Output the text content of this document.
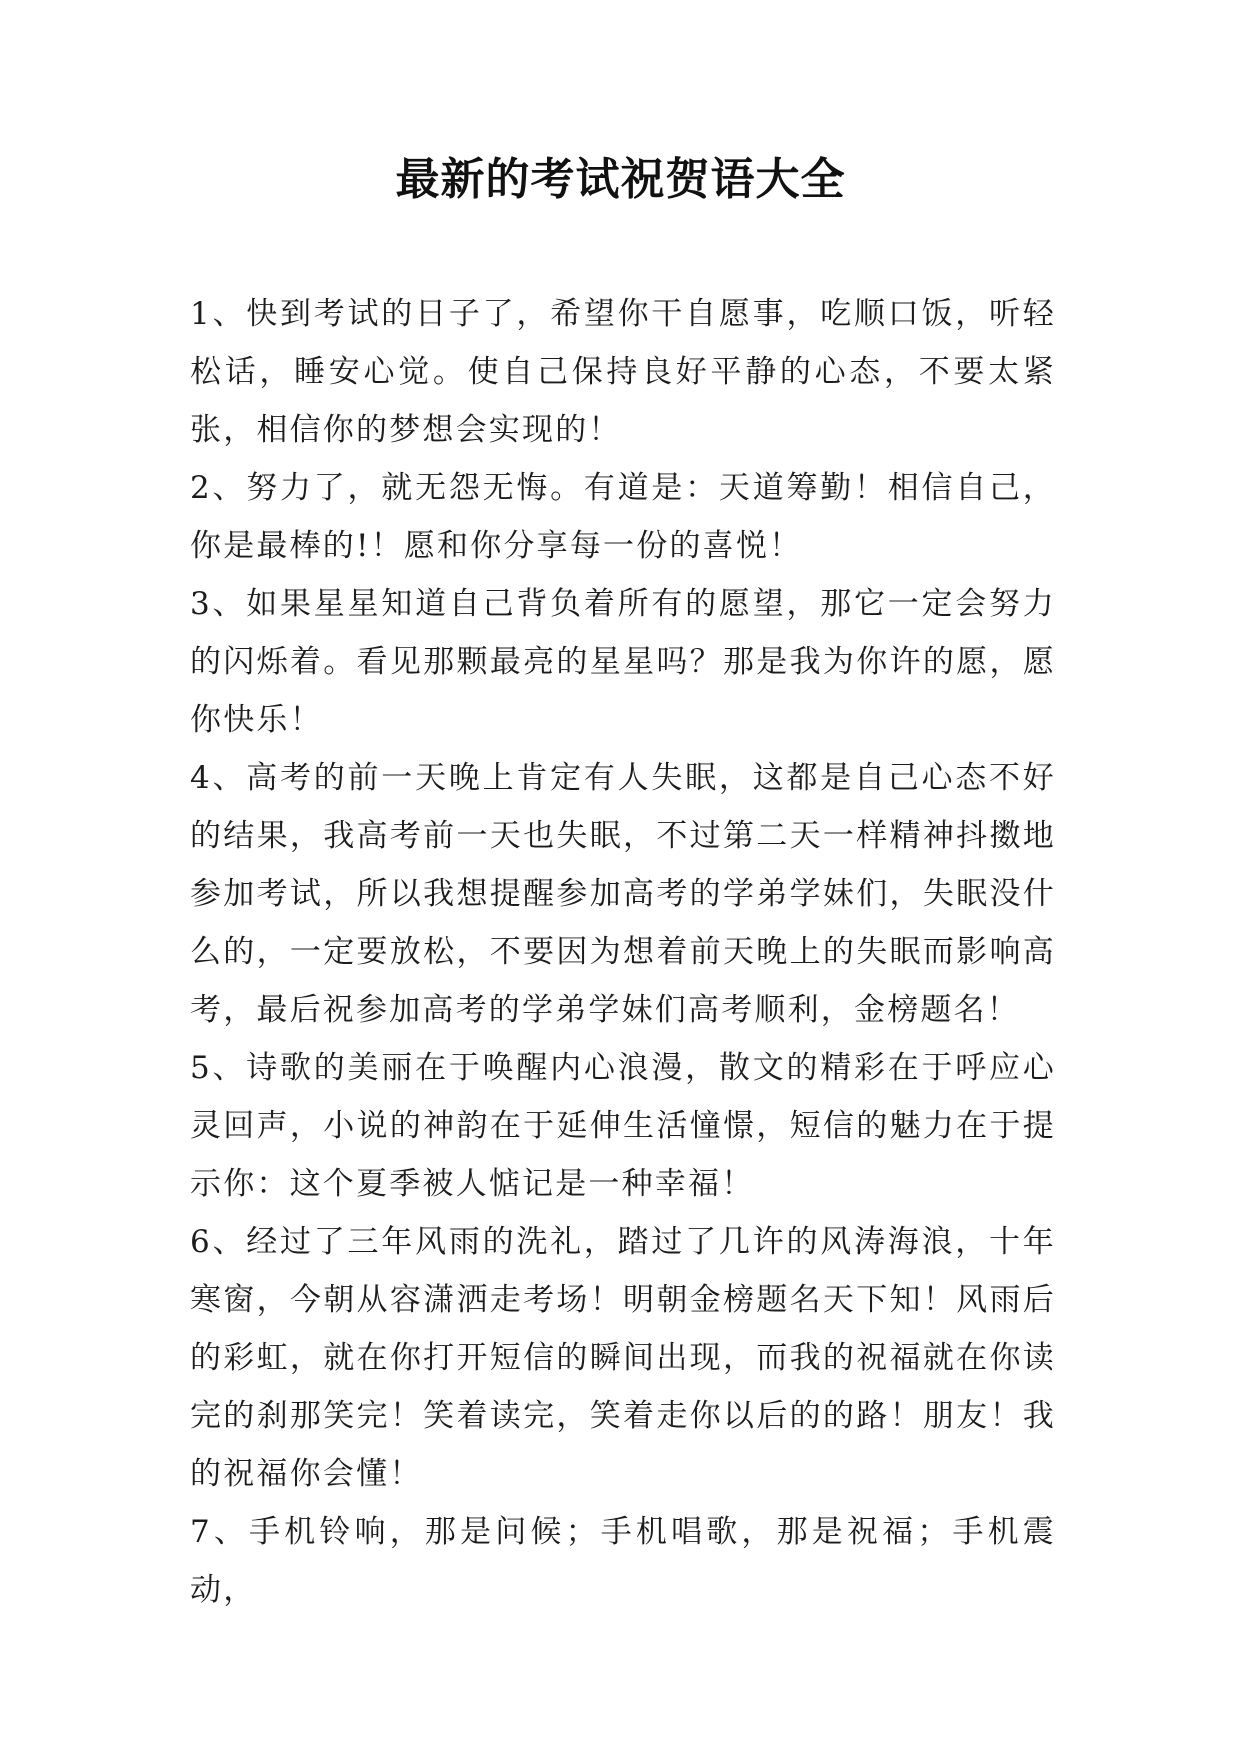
最新的考试祝贺语大全

1、快到考试的日子了，希望你干自愿事，吃顺口饭，听轻松话，睡安心觉。使自己保持良好平静的心态，不要太紧张，相信你的梦想会实现的！

2、努力了，就无怨无悔。有道是：天道筹勤！相信自己，你是最棒的!！愿和你分享每一份的喜悦！

3、如果星星知道自己背负着所有的愿望，那它一定会努力的闪烁着。看见那颗最亮的星星吗？那是我为你许的愿，愿你快乐！

4、高考的前一天晚上肯定有人失眠，这都是自己心态不好的结果，我高考前一天也失眠，不过第二天一样精神抖擞地参加考试，所以我想提醒参加高考的学弟学妹们，失眠没什么的，一定要放松，不要因为想着前天晚上的失眠而影响高考，最后祝参加高考的学弟学妹们高考顺利，金榜题名！

5、诗歌的美丽在于唤醒内心浪漫，散文的精彩在于呼应心灵回声，小说的神韵在于延伸生活憧憬，短信的魅力在于提示你：这个夏季被人惦记是一种幸福！

6、经过了三年风雨的洗礼，踏过了几许的风涛海浪，十年寒窗，今朝从容潇洒走考场！明朝金榜题名天下知！风雨后的彩虹，就在你打开短信的瞬间出现，而我的祝福就在你读完的刹那笑完！笑着读完，笑着走你以后的的路！朋友！我的祝福你会懂！

7、手机铃响，那是问候；手机唱歌，那是祝福；手机震动，
